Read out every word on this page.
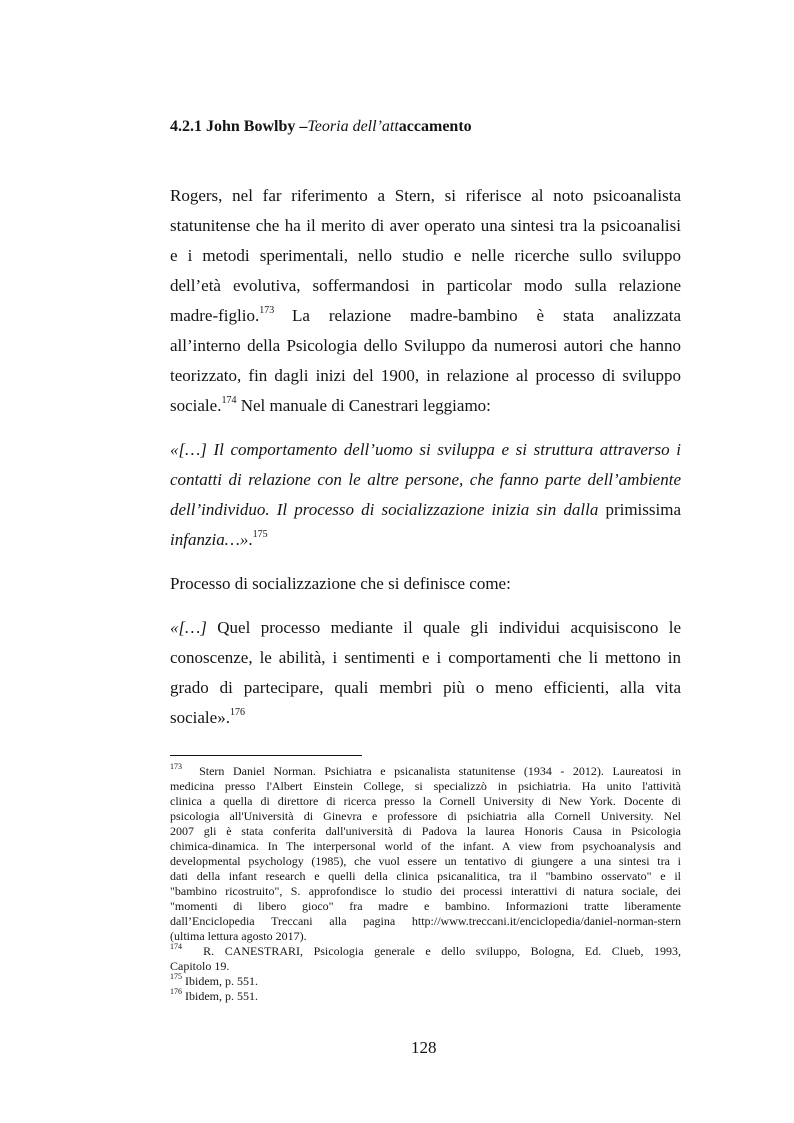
4.2.1 John Bowlby –Teoria dell’attaccamento
Rogers, nel far riferimento a Stern, si riferisce al noto psicoanalista
statunitense che ha il merito di aver operato una sintesi tra la psicoanalisi
e i metodi sperimentali, nello studio e nelle ricerche sullo sviluppo
dell’età evolutiva, soffermandosi in particolar modo sulla relazione
madre-figlio.$^{173}$ La relazione madre-bambino è stata analizzata
all’interno della Psicologia dello Sviluppo da numerosi autori che hanno
teorizzato, fin dagli inizi del 1900, in relazione al processo di sviluppo
sociale.$^{174}$ Nel manuale di Canestrari leggiamo:
«[…] Il comportamento dell’uomo si sviluppa e si struttura attraverso i
contatti di relazione con le altre persone, che fanno parte dell’ambiente
dell’individuo. Il processo di socializzazione inizia sin dalla primissima
infanzia…».$^{175}$
Processo di socializzazione che si definisce come:
«[…] Quel processo mediante il quale gli individui acquisiscono le
conoscenze, le abilità, i sentimenti e i comportamenti che li mettono in
grado di partecipare, quali membri più o meno efficienti, alla vita
sociale».$^{176}$
$^{173}$ Stern Daniel Norman. Psichiatra e psicanalista statunitense (1934 - 2012). Laureatosi in
medicina presso l'Albert Einstein College, si specializzò in psichiatria. Ha unito l'attività
clinica a quella di direttore di ricerca presso la Cornell University di New York. Docente di
psicologia all'Università di Ginevra e professore di psichiatria alla Cornell University. Nel
2007 gli è stata conferita dall'università di Padova la laurea Honoris Causa in Psicologia
chimica-dinamica. In The interpersonal world of the infant. A view from psychoanalysis and
developmental psychology (1985), che vuol essere un tentativo di giungere a una sintesi tra i
dati della infant research e quelli della clinica psicanalitica, tra il "bambino osservato" e il
"bambino ricostruito", S. approfondisce lo studio dei processi interattivi di natura sociale, dei
"momenti di libero gioco" fra madre e bambino. Informazioni tratte liberamente
dall’Enciclopedia Treccani alla pagina http://www.treccani.it/enciclopedia/daniel-norman-stern
(ultima lettura agosto 2017).
$^{174}$ R. CANESTRARI, Psicologia generale e dello sviluppo, Bologna, Ed. Clueb, 1993,
Capitolo 19.
$^{175}$ Ibidem, p. 551.
$^{176}$ Ibidem, p. 551.
128
